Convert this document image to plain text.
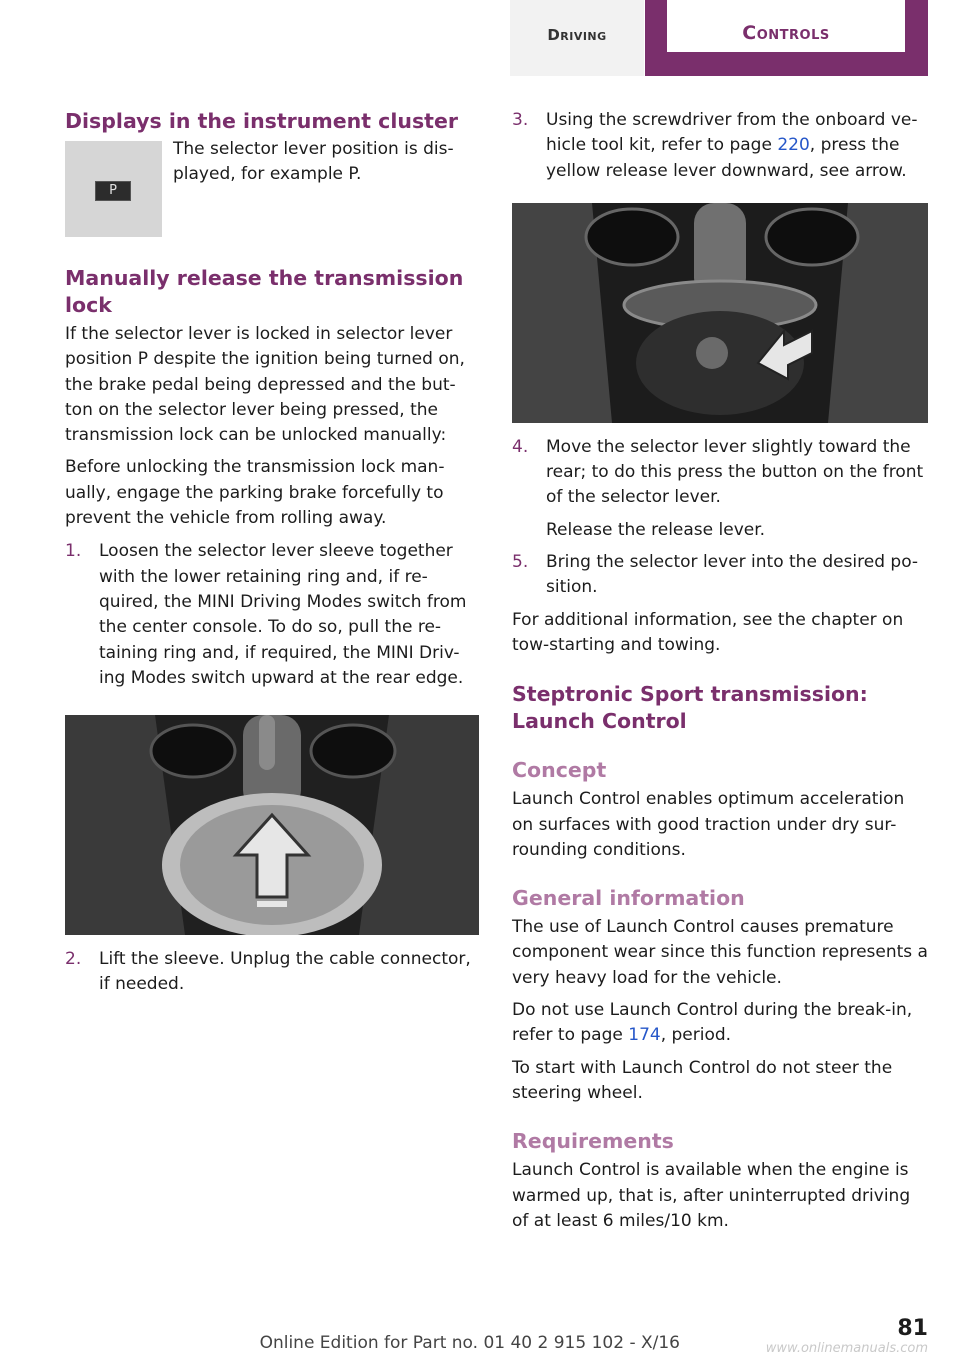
Driving	Controls
Displays in the instrument cluster
P

The selector lever position is dis-played, for example P.

Manually release the transmission lock

If the selector lever is locked in selector lever position P despite the ignition being turned on, the brake pedal being depressed and the but-ton on the selector lever being pressed, the transmission lock can be unlocked manually:

Before unlocking the transmission lock man-ually, engage the parking brake forcefully to prevent the vehicle from rolling away.

1. Loosen the selector lever sleeve together with the lower retaining ring and, if re-quired, the MINI Driving Modes switch from the center console. To do so, pull the re-taining ring and, if required, the MINI Driv-ing Modes switch upward at the rear edge.

2. Lift the sleeve. Unplug the cable connector, if needed.

3. Using the screwdriver from the onboard ve-hicle tool kit, refer to page 220, press the yellow release lever downward, see arrow.

4. Move the selector lever slightly toward the rear; to do this press the button on the front of the selector lever.

Release the release lever.

5. Bring the selector lever into the desired po-sition.

For additional information, see the chapter on tow-starting and towing.

Steptronic Sport transmission: Launch Control
Concept

Launch Control enables optimum acceleration on surfaces with good traction under dry sur-rounding conditions.

General information

The use of Launch Control causes premature component wear since this function represents a very heavy load for the vehicle.

Do not use Launch Control during the break-in, refer to page 174, period.

To start with Launch Control do not steer the steering wheel.

Requirements

Launch Control is available when the engine is warmed up, that is, after uninterrupted driving of at least 6 miles/10 km.

81
Online Edition for Part no. 01 40 2 915 102 - X/16	www.onlinemanuals.com
